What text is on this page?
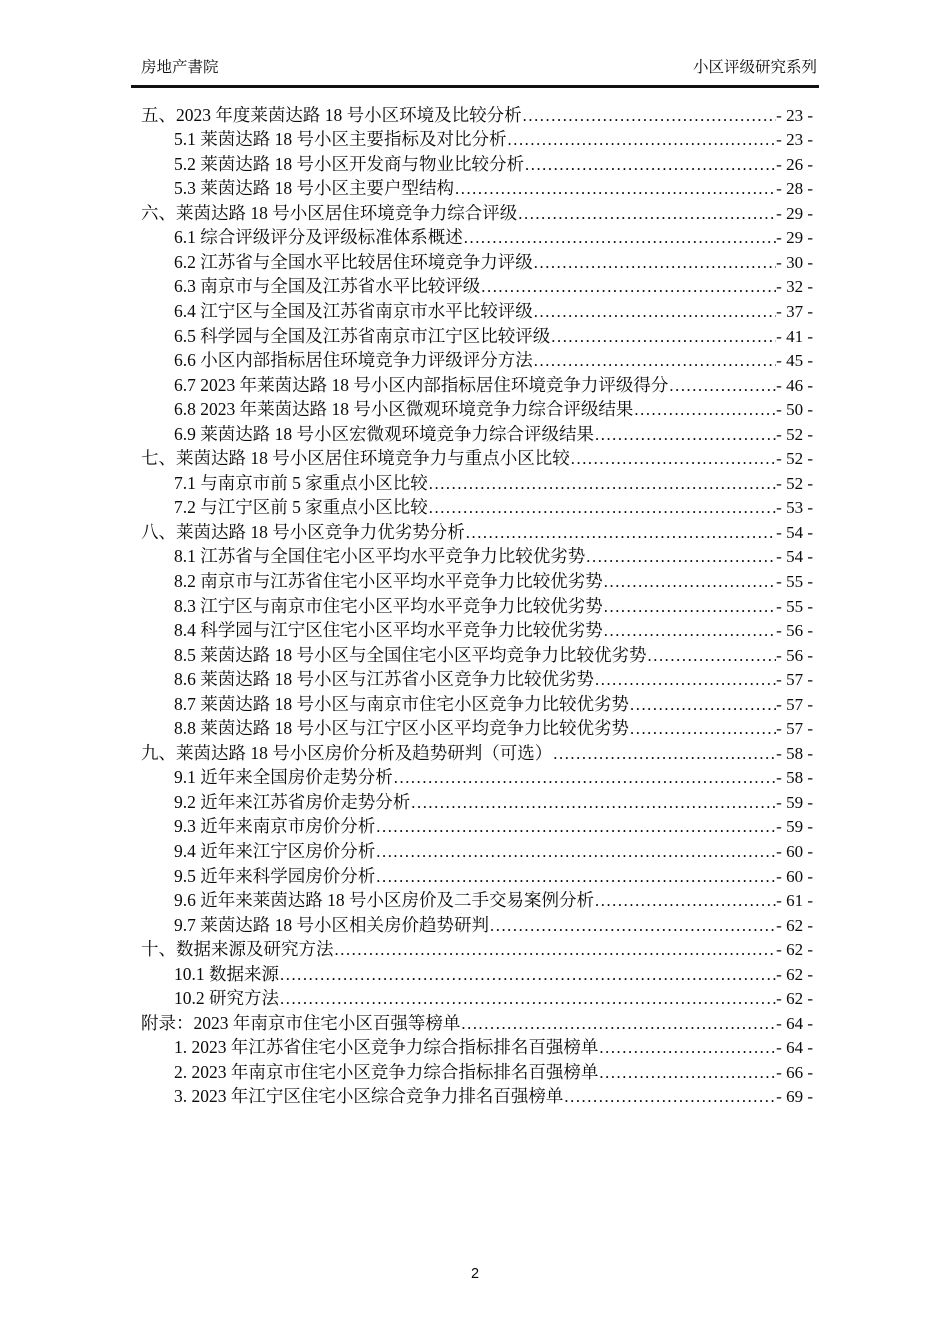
房地产書院	小区评级研究系列
五、2023 年度莱茵达路 18 号小区环境及比较分析 .....	- 23 -
5.1 莱茵达路 18 号小区主要指标及对比分析 .....	- 23 -
5.2 莱茵达路 18 号小区开发商与物业比较分析 .....	- 26 -
5.3 莱茵达路 18 号小区主要户型结构 .....	- 28 -
六、莱茵达路 18 号小区居住环境竞争力综合评级 .....	- 29 -
6.1 综合评级评分及评级标准体系概述 .....	- 29 -
6.2 江苏省与全国水平比较居住环境竞争力评级 .....	- 30 -
6.3 南京市与全国及江苏省水平比较评级 .....	- 32 -
6.4 江宁区与全国及江苏省南京市水平比较评级 .....	- 37 -
6.5 科学园与全国及江苏省南京市江宁区比较评级 .....	- 41 -
6.6 小区内部指标居住环境竞争力评级评分方法 .....	- 45 -
6.7 2023 年莱茵达路 18 号小区内部指标居住环境竞争力评级得分 .....	- 46 -
6.8 2023 年莱茵达路 18 号小区微观环境竞争力综合评级结果 .....	- 50 -
6.9 莱茵达路 18 号小区宏微观环境竞争力综合评级结果 .....	- 52 -
七、莱茵达路 18 号小区居住环境竞争力与重点小区比较 .....	- 52 -
7.1 与南京市前 5 家重点小区比较 .....	- 52 -
7.2 与江宁区前 5 家重点小区比较 .....	- 53 -
八、莱茵达路 18 号小区竞争力优劣势分析 .....	- 54 -
8.1 江苏省与全国住宅小区平均水平竞争力比较优劣势 .....	- 54 -
8.2 南京市与江苏省住宅小区平均水平竞争力比较优劣势 .....	- 55 -
8.3 江宁区与南京市住宅小区平均水平竞争力比较优劣势 .....	- 55 -
8.4 科学园与江宁区住宅小区平均水平竞争力比较优劣势 .....	- 56 -
8.5 莱茵达路 18 号小区与全国住宅小区平均竞争力比较优劣势 .....	- 56 -
8.6 莱茵达路 18 号小区与江苏省小区竞争力比较优劣势 .....	- 57 -
8.7 莱茵达路 18 号小区与南京市住宅小区竞争力比较优劣势 .....	- 57 -
8.8 莱茵达路 18 号小区与江宁区小区平均竞争力比较优劣势 .....	- 57 -
九、莱茵达路 18 号小区房价分析及趋势研判（可选） .....	- 58 -
9.1 近年来全国房价走势分析 .....	- 58 -
9.2 近年来江苏省房价走势分析 .....	- 59 -
9.3 近年来南京市房价分析 .....	- 59 -
9.4 近年来江宁区房价分析 .....	- 60 -
9.5 近年来科学园房价分析 .....	- 60 -
9.6 近年来莱茵达路 18 号小区房价及二手交易案例分析 .....	- 61 -
9.7 莱茵达路 18 号小区相关房价趋势研判 .....	- 62 -
十、数据来源及研究方法 .....	- 62 -
10.1 数据来源 .....	- 62 -
10.2 研究方法 .....	- 62 -
附录：2023 年南京市住宅小区百强等榜单 .....	- 64 -
1. 2023 年江苏省住宅小区竞争力综合指标排名百强榜单 .....	- 64 -
2. 2023 年南京市住宅小区竞争力综合指标排名百强榜单 .....	- 66 -
3. 2023 年江宁区住宅小区综合竞争力排名百强榜单 .....	- 69 -
2
